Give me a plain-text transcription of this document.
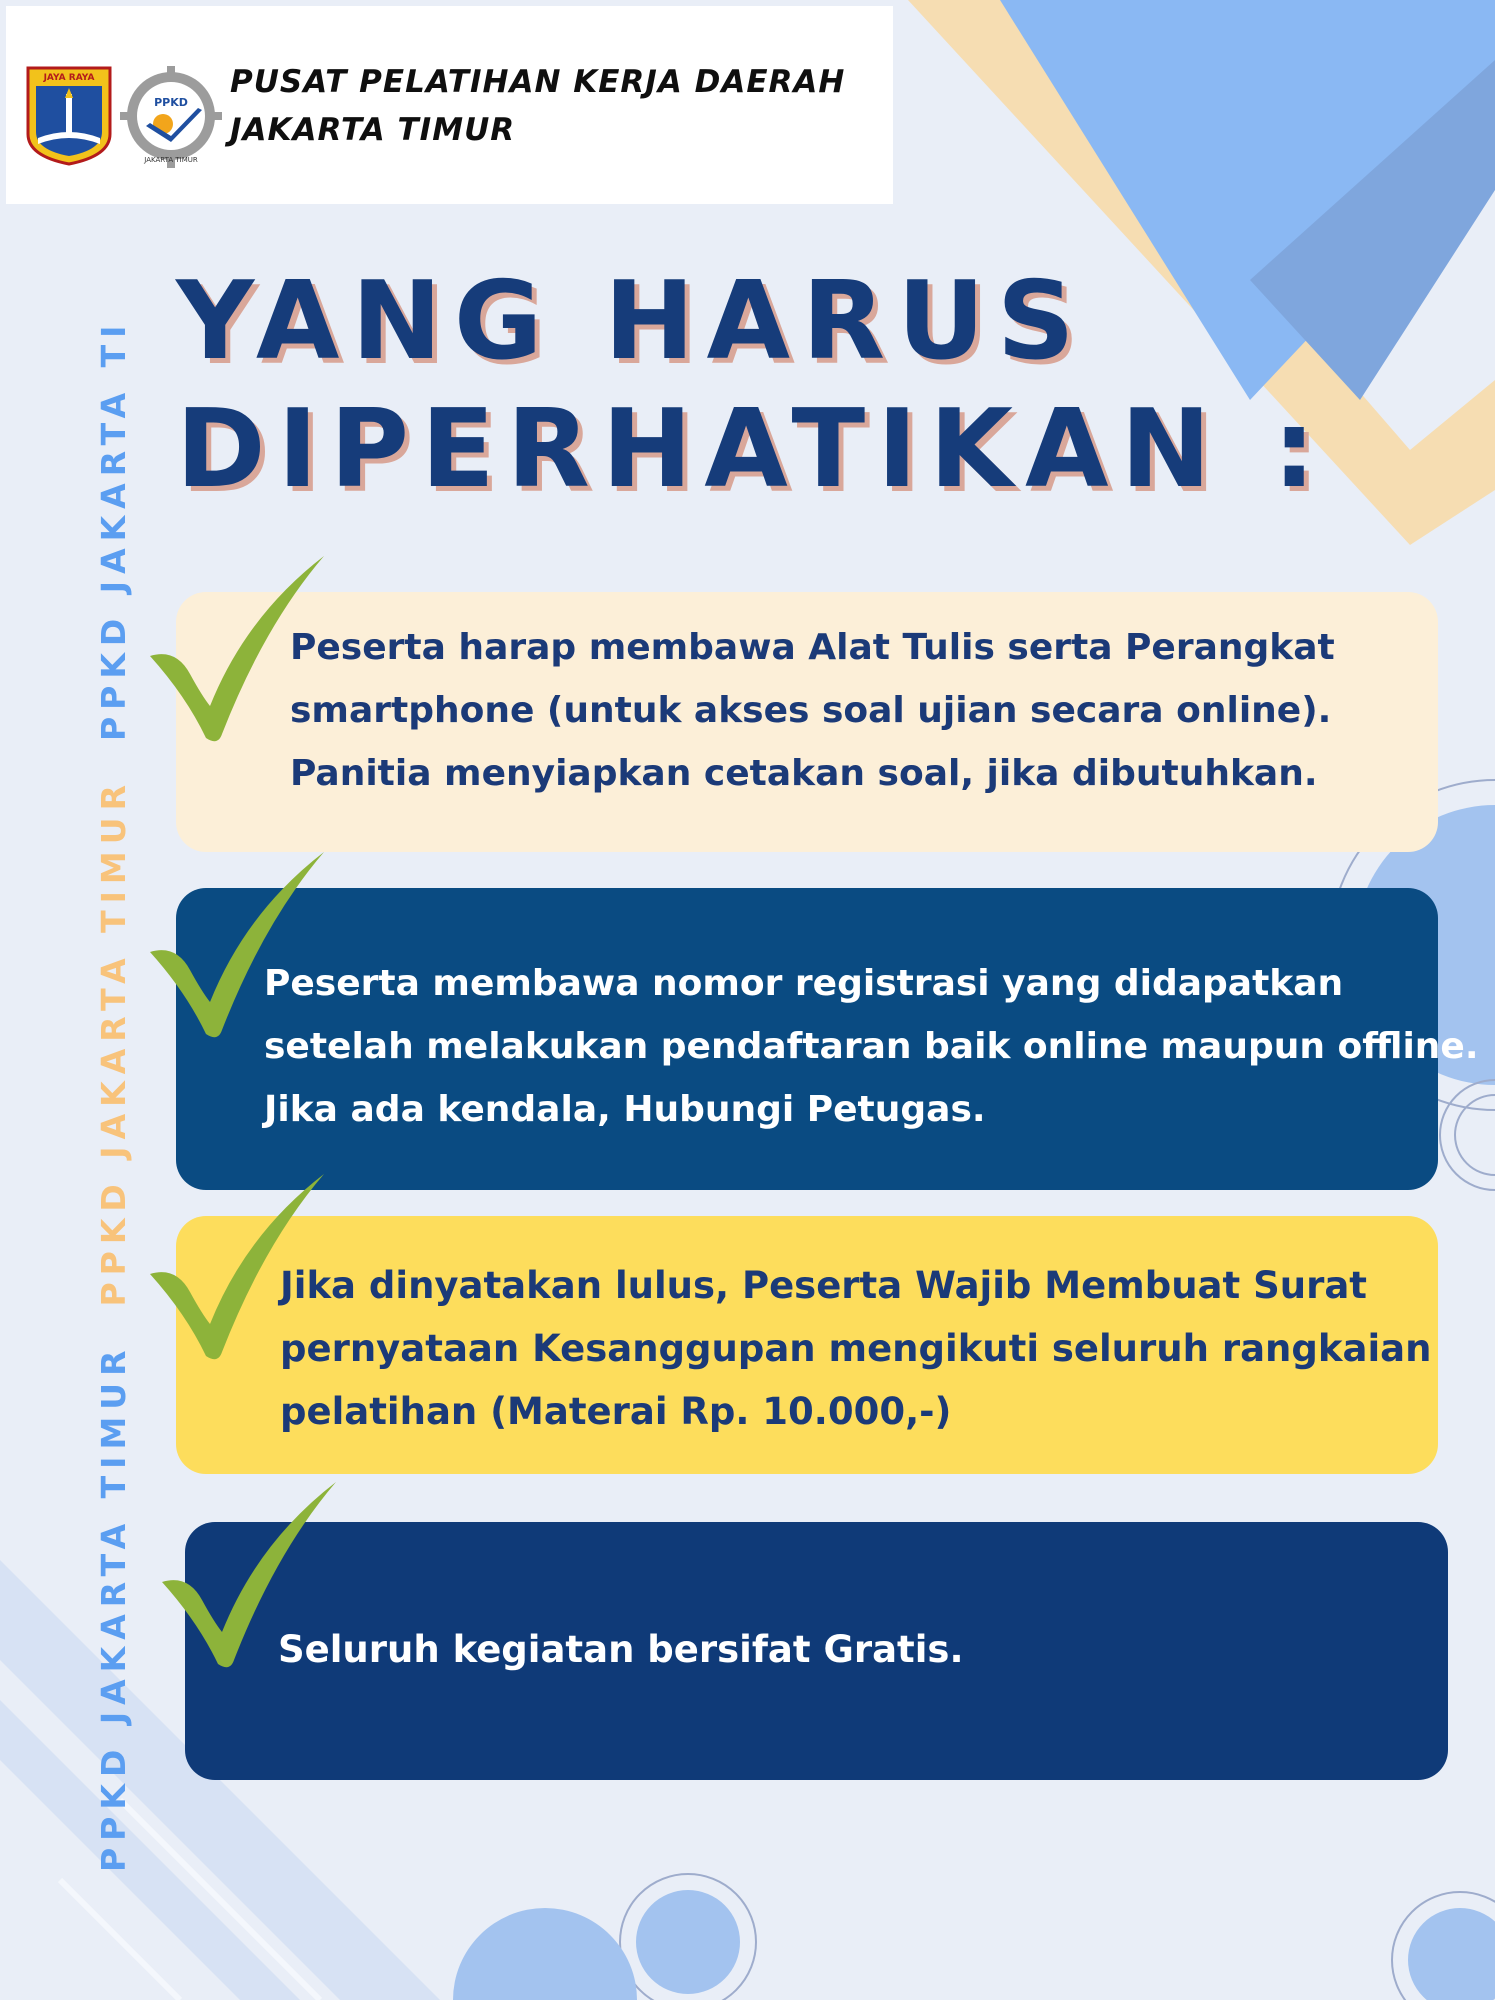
JAYA RAYA
PPKD
JAKARTA TIMUR
PUSAT PELATIHAN KERJA DAERAH
JAKARTA TIMUR
PPKD JAKARTA TIMUR  PPKD JAKARTA TIMUR  PPKD JAKARTA TI YANG HARUS
DIPERHATIKAN :
Peserta harap membawa Alat Tulis serta Perangkat
smartphone (untuk akses soal ujian secara online).
Panitia menyiapkan cetakan soal, jika dibutuhkan.
Peserta membawa nomor registrasi yang didapatkan
setelah melakukan pendaftaran baik online maupun offline.
Jika ada kendala, Hubungi Petugas.
Jika dinyatakan lulus, Peserta Wajib Membuat Surat
pernyataan Kesanggupan mengikuti seluruh rangkaian
pelatihan (Materai Rp. 10.000,-)
Seluruh kegiatan bersifat Gratis.
